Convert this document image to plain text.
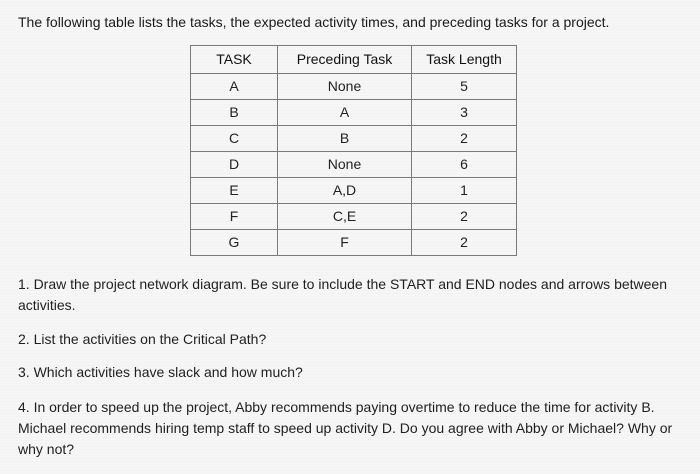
The following table lists the tasks, the expected activity times, and preceding tasks for a project.
TASK	Preceding Task	Task Length
A	None	5
B	A	3
C	B	2
D	None	6
E	A,D	1
F	C,E	2
G	F	2
1. Draw the project network diagram. Be sure to include the START and END nodes and arrows between activities.
2. List the activities on the Critical Path?
3. Which activities have slack and how much?
4. In order to speed up the project, Abby recommends paying overtime to reduce the time for activity B. Michael recommends hiring temp staff to speed up activity D. Do you agree with Abby or Michael? Why or why not?
